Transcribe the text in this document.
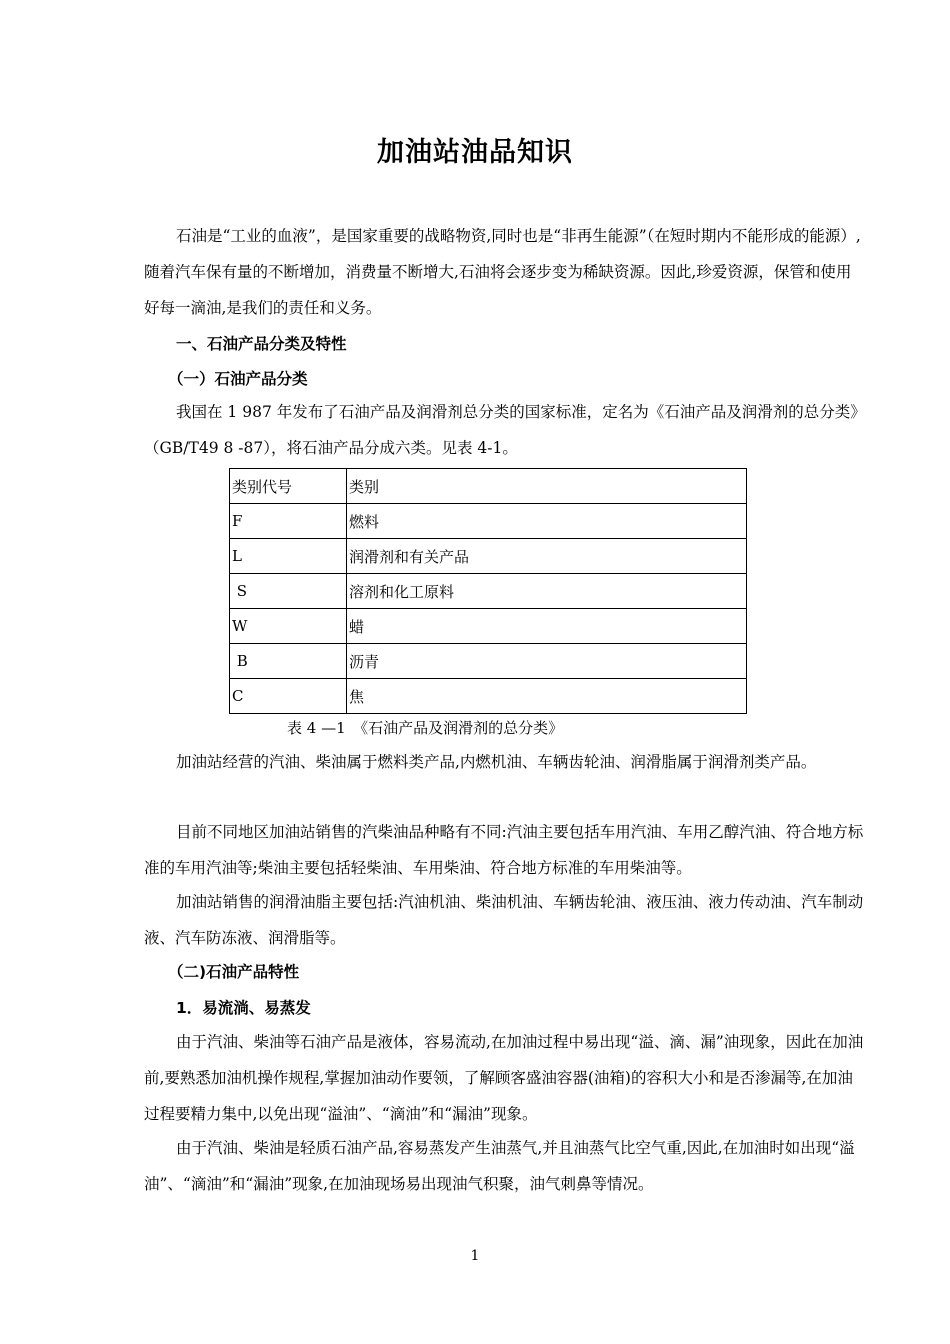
加油站油品知识

石油是“工业的血液”，是国家重要的战略物资,同时也是“非再生能源”（在短时期内不能形成的能源）,随着汽车保有量的不断增加，消费量不断增大,石油将会逐步变为稀缺资源。因此,珍爱资源，保管和使用好每一滴油,是我们的责任和义务。

一、石油产品分类及特性
（一）石油产品分类

我国在 1 987 年发布了石油产品及润滑剂总分类的国家标准，定名为《石油产品及润滑剂的总分类》（GB/T49 8 -87），将石油产品分成六类。见表 4-1。

类别代号	类别
F	燃料
L	润滑剂和有关产品
S	溶剂和化工原料
W	蜡
B	沥青
C	焦
表 4 —1　《石油产品及润滑剂的总分类》

加油站经营的汽油、柴油属于燃料类产品,内燃机油、车辆齿轮油、润滑脂属于润滑剂类产品。

目前不同地区加油站销售的汽柴油品种略有不同:汽油主要包括车用汽油、车用乙醇汽油、符合地方标准的车用汽油等;柴油主要包括轻柴油、车用柴油、符合地方标准的车用柴油等。

加油站销售的润滑油脂主要包括:汽油机油、柴油机油、车辆齿轮油、液压油、液力传动油、汽车制动液、汽车防冻液、润滑脂等。

（二)石油产品特性
1．易流淌、易蒸发

由于汽油、柴油等石油产品是液体，容易流动,在加油过程中易出现“溢、滴、漏”油现象，因此在加油前,要熟悉加油机操作规程,掌握加油动作要领，了解顾客盛油容器(油箱)的容积大小和是否渗漏等,在加油过程要精力集中,以免出现“溢油”、“滴油”和“漏油”现象。

由于汽油、柴油是轻质石油产品,容易蒸发产生油蒸气,并且油蒸气比空气重,因此,在加油时如出现“溢油”、“滴油”和“漏油”现象,在加油现场易出现油气积聚，油气刺鼻等情况。

1
